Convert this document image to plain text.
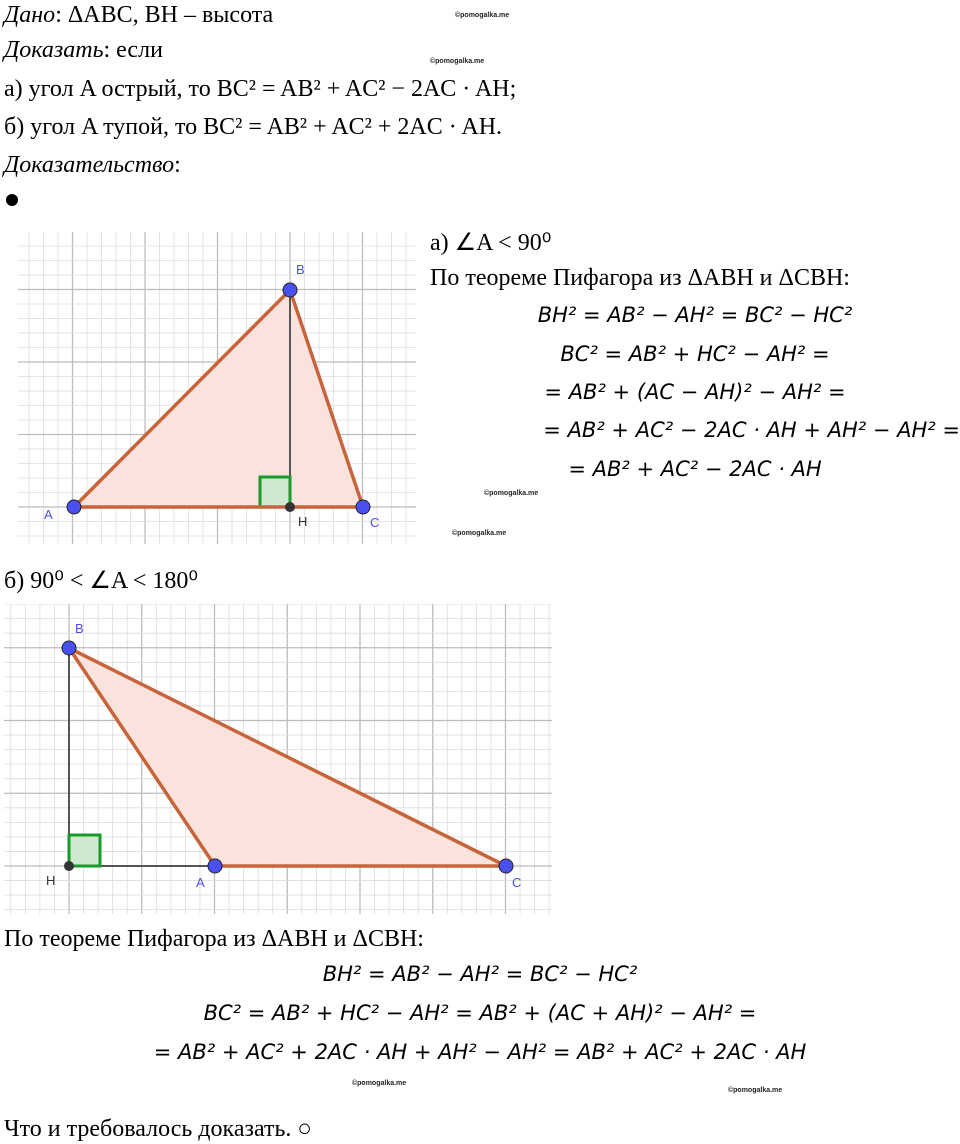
Дано: ΔABC, BH – высота
Доказать: если
а) угол A острый, то BC² = AB² + AC² − 2AC · AH;
б) угол A тупой, то BC² = AB² + AC² + 2AC · AH.
Доказательство:
©pomogalka.me
©pomogalka.me
A
B
C
H
а) ∠A < 90⁰
По теореме Пифагора из ΔABH и ΔCBH:
BH² = AB² − AH² = BC² − HC²
BC² = AB² + HC² − AH² =
= AB² + (AC − AH)² − AH² =
= AB² + AC² − 2AC · AH + AH² − AH² =
= AB² + AC² − 2AC · AH
©pomogalka.me
©pomogalka.me
б) 90⁰ < ∠A < 180⁰
B
A	C
H
По теореме Пифагора из ΔABH и ΔCBH:
BH² = AB² − AH² = BC² − HC²
BC² = AB² + HC² − AH² = AB² + (AC + AH)² − AH² =
= AB² + AC² + 2AC · AH + AH² − AH² = AB² + AC² + 2AC · AH
©pomogalka.me
©pomogalka.me
Что и требовалось доказать. ○
